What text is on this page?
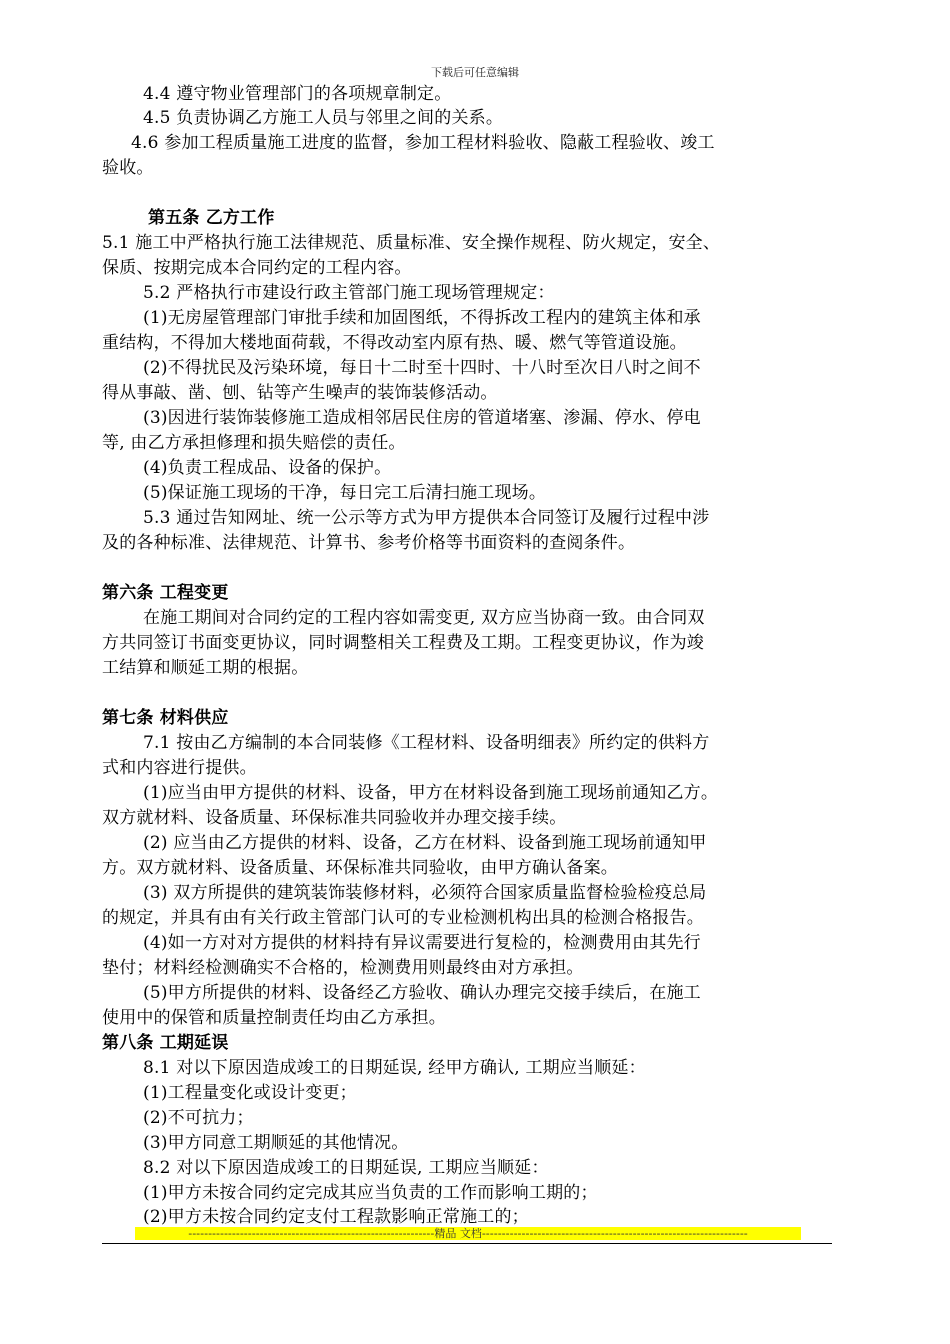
下载后可任意编辑
4.4 遵守物业管理部门的各项规章制定。
4.5 负责协调乙方施工人员与邻里之间的关系。
4.6 参加工程质量施工进度的监督，参加工程材料验收、隐蔽工程验收、竣工
验收。
第五条 乙方工作
5.1 施工中严格执行施工法律规范、质量标准、安全操作规程、防火规定，安全、
保质、按期完成本合同约定的工程内容。
5.2 严格执行市建设行政主管部门施工现场管理规定：
(1)无房屋管理部门审批手续和加固图纸，不得拆改工程内的建筑主体和承
重结构，不得加大楼地面荷载，不得改动室内原有热、暖、燃气等管道设施。
(2)不得扰民及污染环境，每日十二时至十四时、十八时至次日八时之间不
得从事敲、凿、刨、钻等产生噪声的装饰装修活动。
(3)因进行装饰装修施工造成相邻居民住房的管道堵塞、渗漏、停水、停电
等, 由乙方承担修理和损失赔偿的责任。
(4)负责工程成品、设备的保护。
(5)保证施工现场的干净，每日完工后清扫施工现场。
5.3 通过告知网址、统一公示等方式为甲方提供本合同签订及履行过程中涉
及的各种标准、法律规范、计算书、参考价格等书面资料的查阅条件。
第六条 工程变更
在施工期间对合同约定的工程内容如需变更, 双方应当协商一致。由合同双
方共同签订书面变更协议，同时调整相关工程费及工期。工程变更协议，作为竣
工结算和顺延工期的根据。
第七条 材料供应
7.1 按由乙方编制的本合同装修《工程材料、设备明细表》所约定的供料方
式和内容进行提供。
(1)应当由甲方提供的材料、设备，甲方在材料设备到施工现场前通知乙方。
双方就材料、设备质量、环保标准共同验收并办理交接手续。
(2) 应当由乙方提供的材料、设备，乙方在材料、设备到施工现场前通知甲
方。双方就材料、设备质量、环保标准共同验收，由甲方确认备案。
(3) 双方所提供的建筑装饰装修材料，必须符合国家质量监督检验检疫总局
的规定，并具有由有关行政主管部门认可的专业检测机构出具的检测合格报告。
(4)如一方对对方提供的材料持有异议需要进行复检的，检测费用由其先行
垫付；材料经检测确实不合格的，检测费用则最终由对方承担。
(5)甲方所提供的材料、设备经乙方验收、确认办理完交接手续后，在施工
使用中的保管和质量控制责任均由乙方承担。
第八条 工期延误
8.1 对以下原因造成竣工的日期延误, 经甲方确认, 工期应当顺延：
(1)工程量变化或设计变更；
(2)不可抗力；
(3)甲方同意工期顺延的其他情况。
8.2 对以下原因造成竣工的日期延误, 工期应当顺延：
(1)甲方未按合同约定完成其应当负责的工作而影响工期的；
(2)甲方未按合同约定支付工程款影响正常施工的；
--------------------------------------------------------------精品 文档-------------------------------------------------------------------
